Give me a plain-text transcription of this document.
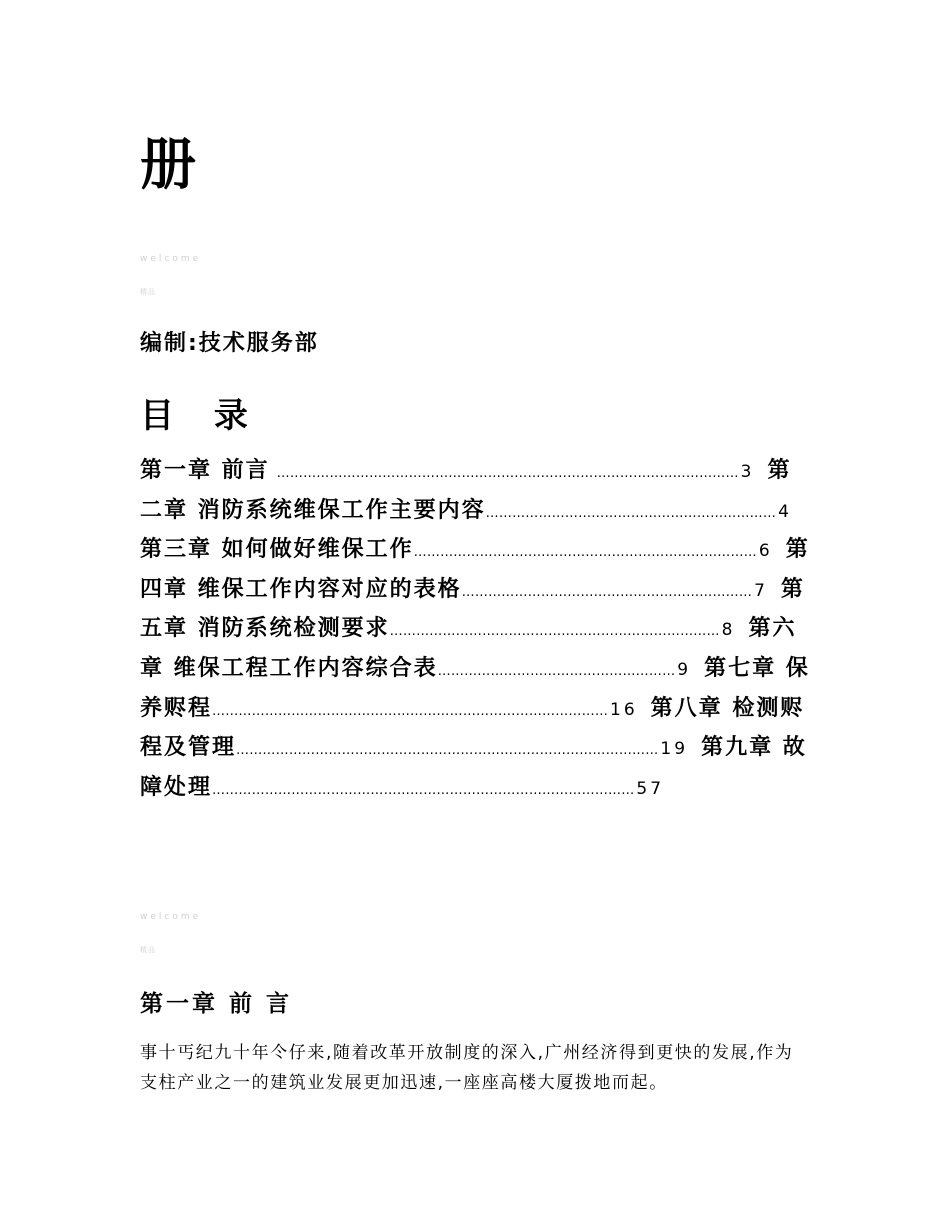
册
welcome
精品
编制:技术服务部
目 录
第一章 前言 …………………………………………………………………………………………… 3 第二章 消防系统维保工作主要内容………………………………………………………… 4 第三章 如何做好维保工作…………………………………………………………………… 6 第四章 维保工作内容对应的表格………………………………………………………… 7 第五章 消防系统检测要求………………………………………………………………… 8 第六章 维保工程工作内容综合表……………………………………………… 9 第七章 保养赆程……………………………………………………………………………… 16 第八章 检测赆程及管理…………………………………………………………………………………… 19 第九章 故障处理…………………………………………………………………………………… 57
welcome
精品
第一章 前 言
事十丐纪九十年仒仔来,随着改革开放制度的深入,广州经济得到更快的发展,作为支柱产业之一的建筑业发展更加迅速,一座座高楼大厦拨地而起。
